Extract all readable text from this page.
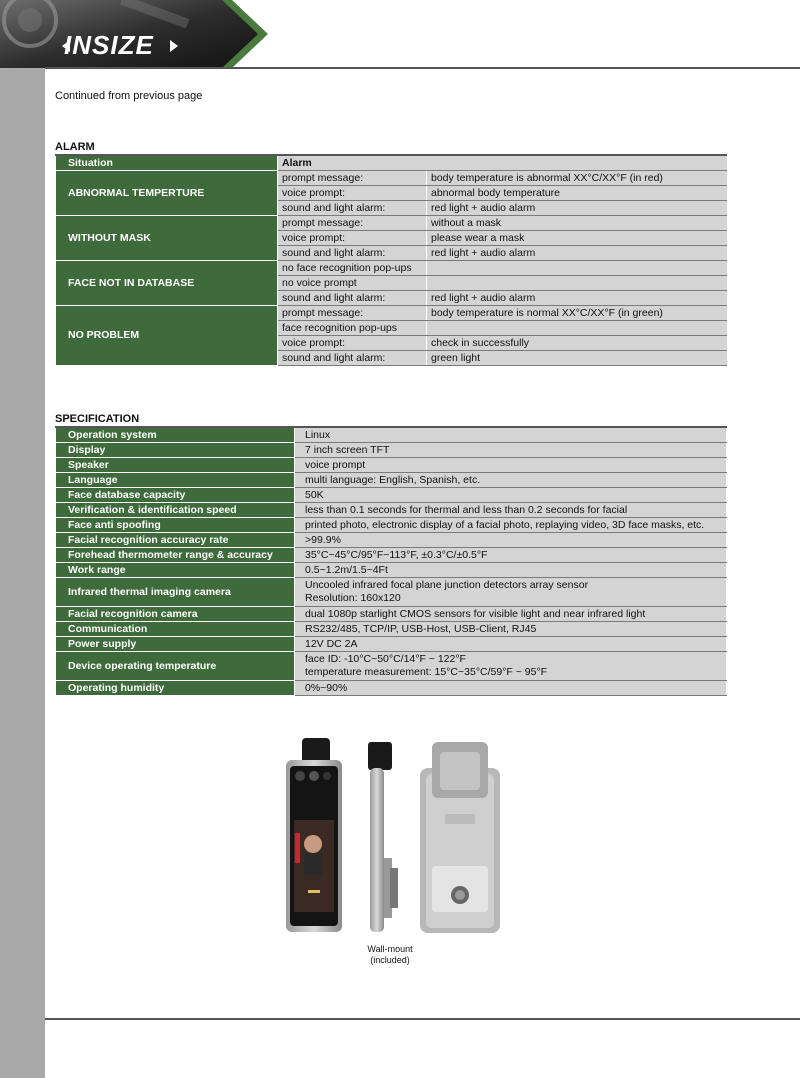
INSIZE
Continued from previous page
ALARM
Situation	Alarm	
ABNORMAL TEMPERTURE	prompt message:	body temperature is abnormal XX°C/XX°F (in red)
	voice prompt:	abnormal body temperature
	sound and light alarm:	red light + audio alarm
WITHOUT MASK	prompt message:	without a mask
	voice prompt:	please wear a mask
	sound and light alarm:	red light + audio alarm
FACE NOT IN DATABASE	no face recognition pop-ups	
	no voice prompt	
	sound and light alarm:	red light + audio alarm
NO PROBLEM	prompt message:	body temperature is normal XX°C/XX°F (in green)
	face recognition pop-ups	
	voice prompt:	check in successfully
	sound and light alarm:	green light
SPECIFICATION
Operation system	Linux
Display	7 inch screen TFT
Speaker	voice prompt
Language	multi language: English, Spanish, etc.
Face database capacity	50K
Verification & identification speed	less than 0.1 seconds for thermal and less than 0.2 seconds for facial
Face anti spoofing	printed photo, electronic display of a facial photo, replaying video, 3D face masks, etc.
Facial recognition accuracy rate	>99.9%
Forehead thermometer range & accuracy	35°C~45°C/95°F~113°F, ±0.3°C/±0.5°F
Work range	0.5~1.2m/1.5~4Ft
Infrared thermal imaging camera	Uncooled infrared focal plane junction detectors array sensor
Resolution: 160x120

Facial recognition camera	dual 1080p starlight CMOS sensors for visible light and near infrared light
Communication	RS232/485, TCP/IP, USB-Host, USB-Client, RJ45
Power supply	12V DC 2A
Device operating temperature	face ID: -10°C~50°C/14°F ~ 122°F
temperature measurement: 15°C~35°C/59°F ~ 95°F

Operating humidity	0%~90%
Wall-mount
(included)
